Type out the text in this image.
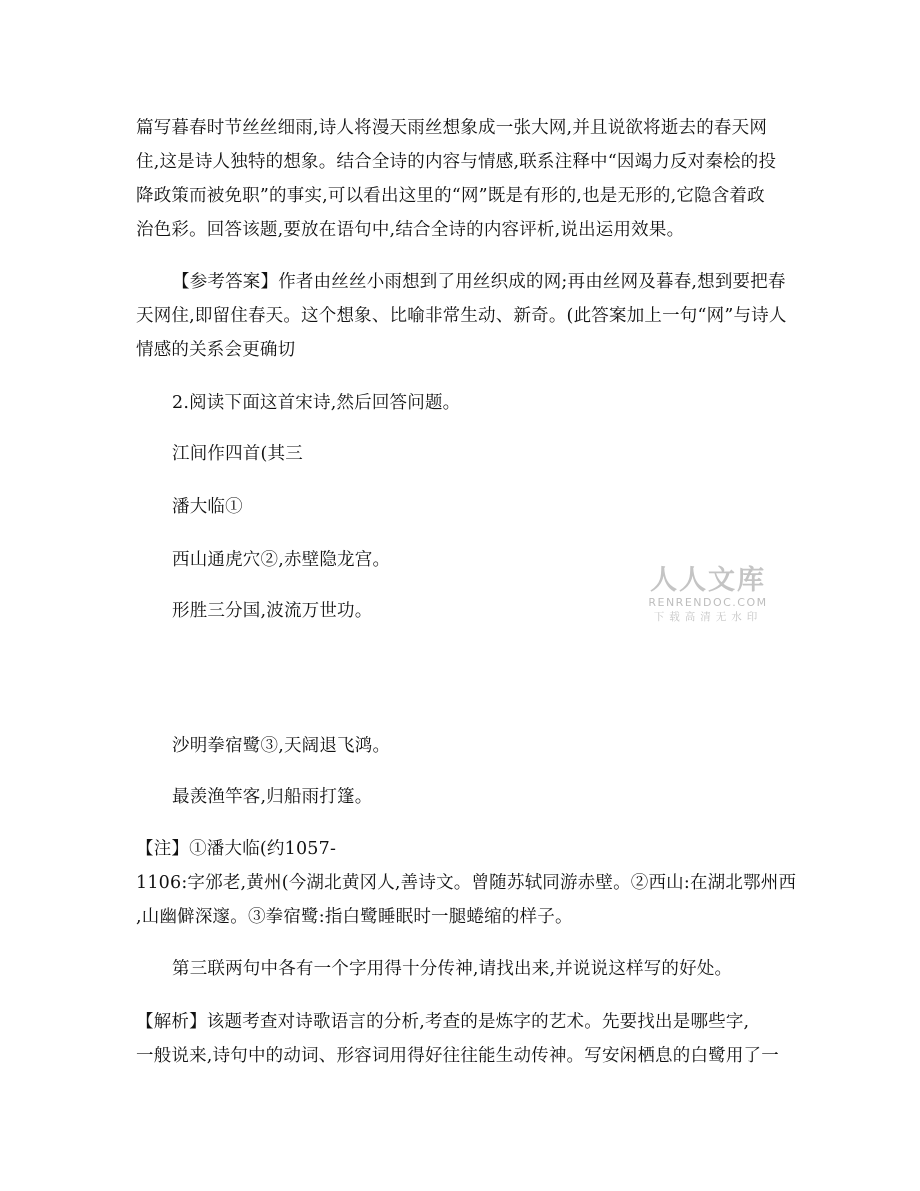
篇写暮春时节丝丝细雨,诗人将漫天雨丝想象成一张大网,并且说欲将逝去的春天网
住,这是诗人独特的想象。结合全诗的内容与情感,联系注释中“因竭力反对秦桧的投
降政策而被免职”的事实,可以看出这里的“网”既是有形的,也是无形的,它隐含着政
治色彩。回答该题,要放在语句中,结合全诗的内容评析,说出运用效果。

【参考答案】作者由丝丝小雨想到了用丝织成的网;再由丝网及暮春,想到要把春
天网住,即留住春天。这个想象、比喻非常生动、新奇。(此答案加上一句“网”与诗人
情感的关系会更确切

2.阅读下面这首宋诗,然后回答问题。

江间作四首(其三

潘大临①

西山通虎穴②,赤壁隐龙宫。

形胜三分国,波流万世功。

沙明拳宿鹭③,天阔退飞鸿。

最羡渔竿客,归船雨打篷。

【注】①潘大临(约1057-
1106:字邠老,黄州(今湖北黄冈人,善诗文。曾随苏轼同游赤壁。②西山:在湖北鄂州西
,山幽僻深邃。③拳宿鹭:指白鹭睡眠时一腿蜷缩的样子。

第三联两句中各有一个字用得十分传神,请找出来,并说说这样写的好处。

【解析】该题考查对诗歌语言的分析,考查的是炼字的艺术。先要找出是哪些字,
一般说来,诗句中的动词、形容词用得好往往能生动传神。写安闲栖息的白鹭用了一

人人文库
RENRENDOC.COM
下载高清无水印
